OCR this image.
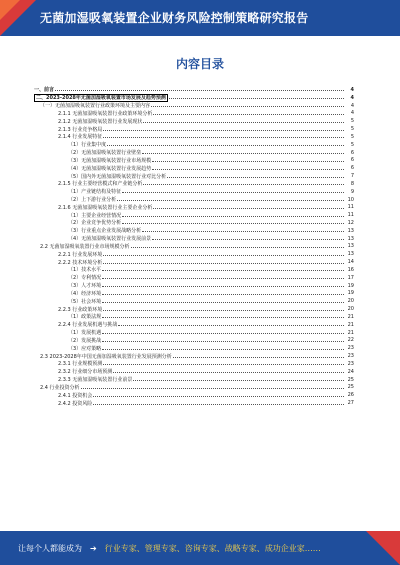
无菌加湿吸氧装置企业财务风险控制策略研究报告
内容目录
一、前言	4
二、2023-2028年无菌加湿吸氧装置市场发展及趋势预测	4
（一）无菌加湿吸氧装置行业政策环境及主要内容	4
2.1.1 无菌加湿吸氧装置行业政策环境分析	4
2.1.2 无菌加湿吸氧装置行业发展现状	5
2.1.3 行业竞争格局	5
2.1.4 行业发展特征	5
（1）行业集中度	5
（2）无菌加湿吸氧装置行业壁垒	6
（3）无菌加湿吸氧装置行业市场规模	6
（4）无菌加湿吸氧装置行业发展趋势	6
（5）国内外无菌加湿吸氧装置行业对比分析	7
2.1.5 行业主要经营模式和产业链分析	8
（1）产业链结构及特征	9
（2）上下游行业分析	10
2.1.6 无菌加湿吸氧装置行业主要企业分析	11
（1）主要企业经营情况	11
（2）企业竞争优势分析	12
（3）行业重点企业发展战略分析	13
（4）无菌加湿吸氧装置行业发展前景	13
2.2 无菌加湿吸氧装置行业市场规模分析	13
2.2.1 行业发展环境	13
2.2.2 技术环境分析	14
（1）技术水平	16
（2）专利情况	17
（3）人才环境	19
（4）经济环境	19
（5）社会环境	20
2.2.3 行业政策环境	20
（1）政策法规	21
2.2.4 行业发展机遇与挑战	21
（1）发展机遇	21
（2）发展挑战	22
（3）应对策略	23
2.3 2023-2028年中国无菌加湿吸氧装置行业发展预测分析	23
2.3.1 行业规模预测	23
2.3.2 行业细分市场预测	24
2.3.3 无菌加湿吸氧装置行业前景	25
2.4 行业投资分析	25
2.4.1 投资机会	26
2.4.2 投资风险	27
让每个人都能成为 ➔ 行业专家、管理专家、咨询专家、战略专家、成功企业家……
